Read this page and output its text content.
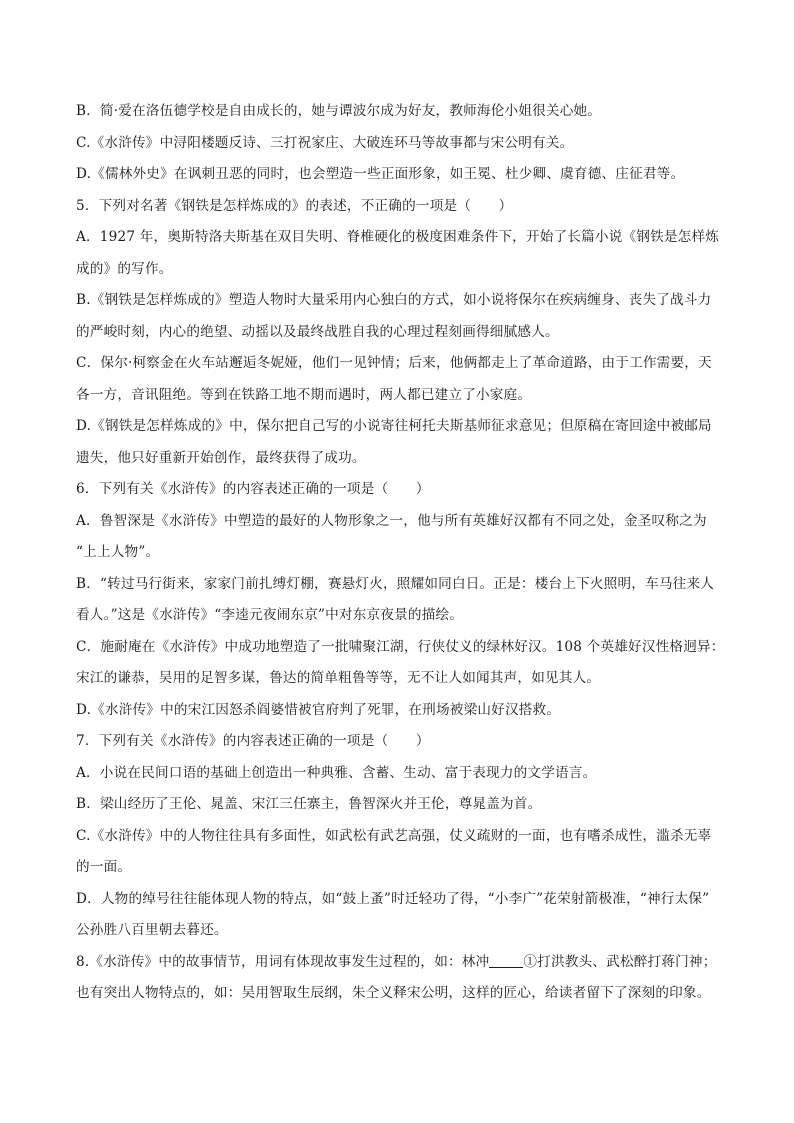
B．简·爱在洛伍德学校是自由成长的，她与谭波尔成为好友，教师海伦小姐很关心她。

C.《水浒传》中浔阳楼题反诗、三打祝家庄、大破连环马等故事都与宋公明有关。

D.《儒林外史》在讽刺丑恶的同时，也会塑造一些正面形象，如王冕、杜少卿、虞育德、庄征君等。

5．下列对名著《钢铁是怎样炼成的》的表述，不正确的一项是（　　）

A．1927 年，奥斯特洛夫斯基在双目失明、脊椎硬化的极度困难条件下，开始了长篇小说《钢铁是怎样炼

成的》的写作。

B.《钢铁是怎样炼成的》塑造人物时大量采用内心独白的方式，如小说将保尔在疾病缠身、丧失了战斗力

的严峻时刻，内心的绝望、动摇以及最终战胜自我的心理过程刻画得细腻感人。

C．保尔·柯察金在火车站邂逅冬妮娅，他们一见钟情；后来，他俩都走上了革命道路，由于工作需要，天

各一方，音讯阻绝。等到在铁路工地不期而遇时，两人都已建立了小家庭。

D.《钢铁是怎样炼成的》中，保尔把自己写的小说寄往柯托夫斯基师征求意见；但原稿在寄回途中被邮局

遗失，他只好重新开始创作，最终获得了成功。

6．下列有关《水浒传》的内容表述正确的一项是（　　）

A．鲁智深是《水浒传》中塑造的最好的人物形象之一，他与所有英雄好汉都有不同之处，金圣叹称之为

“上上人物”。

B．“转过马行街来，家家门前扎缚灯棚，赛悬灯火，照耀如同白日。正是：楼台上下火照明，车马往来人

看人。”这是《水浒传》“李逵元夜闹东京”中对东京夜景的描绘。

C．施耐庵在《水浒传》中成功地塑造了一批啸聚江湖，行侠仗义的绿林好汉。108 个英雄好汉性格迥异：

宋江的谦恭，吴用的足智多谋，鲁达的简单粗鲁等等，无不让人如闻其声，如见其人。

D.《水浒传》中的宋江因怒杀阎婆惜被官府判了死罪，在刑场被梁山好汉搭救。

7．下列有关《水浒传》的内容表述正确的一项是（　　）

A．小说在民间口语的基础上创造出一种典雅、含蓄、生动、富于表现力的文学语言。

B．梁山经历了王伦、晁盖、宋江三任寨主，鲁智深火并王伦，尊晁盖为首。

C.《水浒传》中的人物往往具有多面性，如武松有武艺高强，仗义疏财的一面，也有嗜杀成性，滥杀无辜

的一面。

D．人物的绰号往往能体现人物的特点，如“鼓上蚤”时迁轻功了得，“小李广”花荣射箭极准，“神行太保”

公孙胜八百里朝去暮还。

8.《水浒传》中的故事情节，用词有体现故事发生过程的，如：林冲	①打洪教头、武松醉打蒋门神；

也有突出人物特点的，如：吴用智取生辰纲，朱仝义释宋公明，这样的匠心，给读者留下了深刻的印象。
